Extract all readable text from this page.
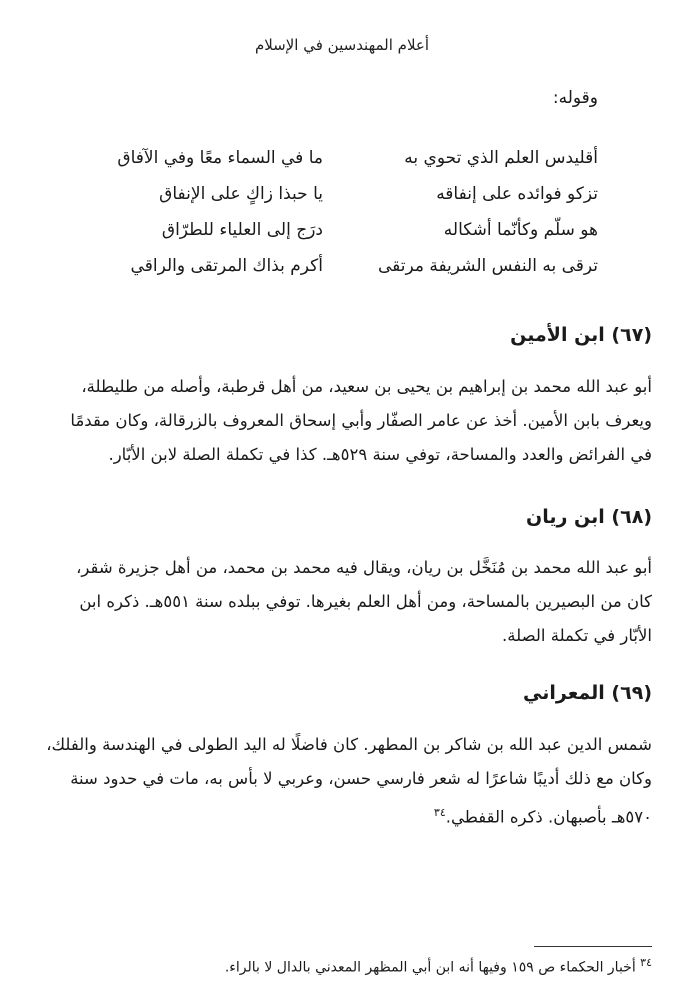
أعلام المهندسين في الإسلام
وقوله:
أقليدس العلم الذي تحوي به
ما في السماء معًا وفي الآفاق
تزكو فوائده على إنفاقه
يا حبذا زاكٍ على الإنفاق
هو سلّم وكأنّما أشكاله
درَج إلى العلياء للطرّاق
ترقى به النفس الشريفة مرتقى
أكرم بذاك المرتقى والراقي
(٦٧) ابن الأمين
أبو عبد الله محمد بن إبراهيم بن يحيى بن سعيد، من أهل قرطبة، وأصله من طليطلة،
ويعرف بابن الأمين. أخذ عن عامر الصفّار وأبي إسحاق المعروف بالزرقالة، وكان مقدمًا
في الفرائض والعدد والمساحة، توفي سنة ٥٢٩هـ. كذا في تكملة الصلة لابن الأبّار.
(٦٨) ابن ريان
أبو عبد الله محمد بن مُنَخَّل بن ريان، ويقال فيه محمد بن محمد، من أهل جزيرة شقر،
كان من البصيرين بالمساحة، ومن أهل العلم بغيرها. توفي ببلده سنة ٥٥١هـ. ذكره ابن
الأبّار في تكملة الصلة.
(٦٩) المعراني
شمس الدين عبد الله بن شاكر بن المطهر. كان فاضلًا له اليد الطولى في الهندسة والفلك،
وكان مع ذلك أديبًا شاعرًا له شعر فارسي حسن، وعربي لا بأس به، مات في حدود سنة
٥٧٠هـ بأصبهان. ذكره القفطي.$^{٣٤}$
$^{٣٤}$ أخبار الحكماء ص ١٥٩ وفيها أنه ابن أبي المظهر المعدني بالدال لا بالراء.
